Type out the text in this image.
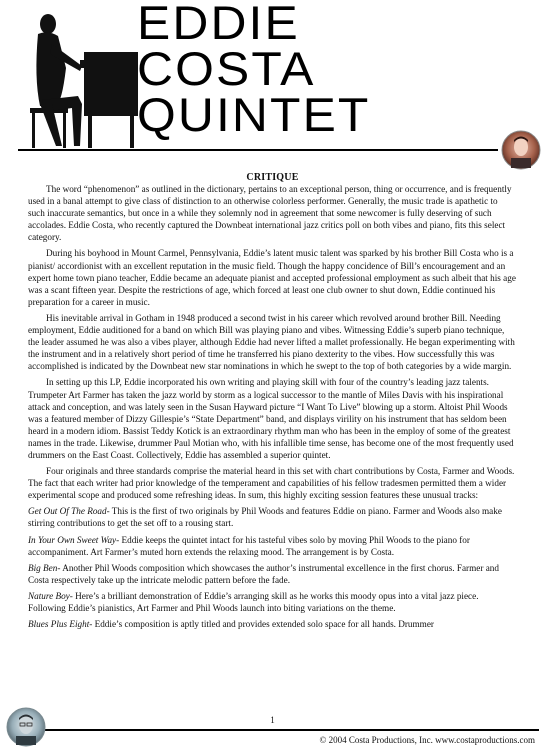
EDDIE
COSTA
QUINTET
CRITIQUE

The word “phenomenon” as outlined in the dictionary, pertains to an exceptional person, thing or occurrence, and is frequently used in a banal attempt to give class of distinction to an otherwise colorless performer. Generally, the music trade is apathetic to such inaccurate semantics, but once in a while they solemnly nod in agreement that some newcomer is fully deserving of such accolades. Eddie Costa, who recently captured the Downbeat international jazz critics poll on both vibes and piano, fits this select category.

During his boyhood in Mount Carmel, Pennsylvania, Eddie’s latent music talent was sparked by his brother Bill Costa who is a pianist/ accordionist with an excellent reputation in the music field. Though the happy concidence of Bill’s encouragement and an expert home town piano teacher, Eddie became an adequate pianist and accepted professional employment as such albeit that his age was a scant fifteen year. Despite the restrictions of age, which forced at least one club owner to shut down, Eddie continued his preparation for a career in music.

His inevitable arrival in Gotham in 1948 produced a second twist in his career which revolved around brother Bill. Needing employment, Eddie auditioned for a band on which Bill was playing piano and vibes. Witnessing Eddie’s superb piano technique, the leader assumed he was also a vibes player, although Eddie had never lifted a mallet professionally. He began experimenting with the instrument and in a relatively short period of time he transferred his piano dexterity to the vibes. How successfully this was accomplished is indicated by the Downbeat new star nominations in which he swept to the top of both categories by a wide margin.

In setting up this LP, Eddie incorporated his own writing and playing skill with four of the country’s leading jazz talents. Trumpeter Art Farmer has taken the jazz world by storm as a logical successor to the mantle of Miles Davis with his inspirational attack and conception, and was lately seen in the Susan Hayward picture “I Want To Live” blowing up a storm. Altoist Phil Woods was a featured member of Dizzy Gillespie’s “State Department” band, and displays virility on his instrument that has seldom been heard in a modern idiom. Bassist Teddy Kotick is an extraordinary rhythm man who has been in the employ of some of the greatest names in the trade. Likewise, drummer Paul Motian who, with his infallible time sense, has become one of the most frequently used drummers on the East Coast. Collectively, Eddie has assembled a superior quintet.

Four originals and three standards comprise the material heard in this set with chart contributions by Costa, Farmer and Woods. The fact that each writer had prior knowledge of the temperament and capabilities of his fellow tradesmen permitted them a wider experimental scope and produced some refreshing ideas. In sum, this highly exciting session features these unusual tracks:

Get Out Of The Road- This is the first of two originals by Phil Woods and features Eddie on piano. Farmer and Woods also make stirring contributions to get the set off to a rousing start.

In Your Own Sweet Way- Eddie keeps the quintet intact for his tasteful vibes solo by moving Phil Woods to the piano for accompaniment. Art Farmer’s muted horn extends the relaxing mood. The arrangement is by Costa.

Big Ben- Another Phil Woods composition which showcases the author’s instrumental excellence in the first chorus. Farmer and Costa respectively take up the intricate melodic pattern before the fade.

Nature Boy- Here’s a brilliant demonstration of Eddie’s arranging skill as he works this moody opus into a vital jazz piece. Following Eddie’s pianistics, Art Farmer and Phil Woods launch into biting variations on the theme.

Blues Plus Eight- Eddie’s composition is aptly titled and provides extended solo space for all hands. Drummer

1
© 2004 Costa Productions, Inc. www.costaproductions.com
